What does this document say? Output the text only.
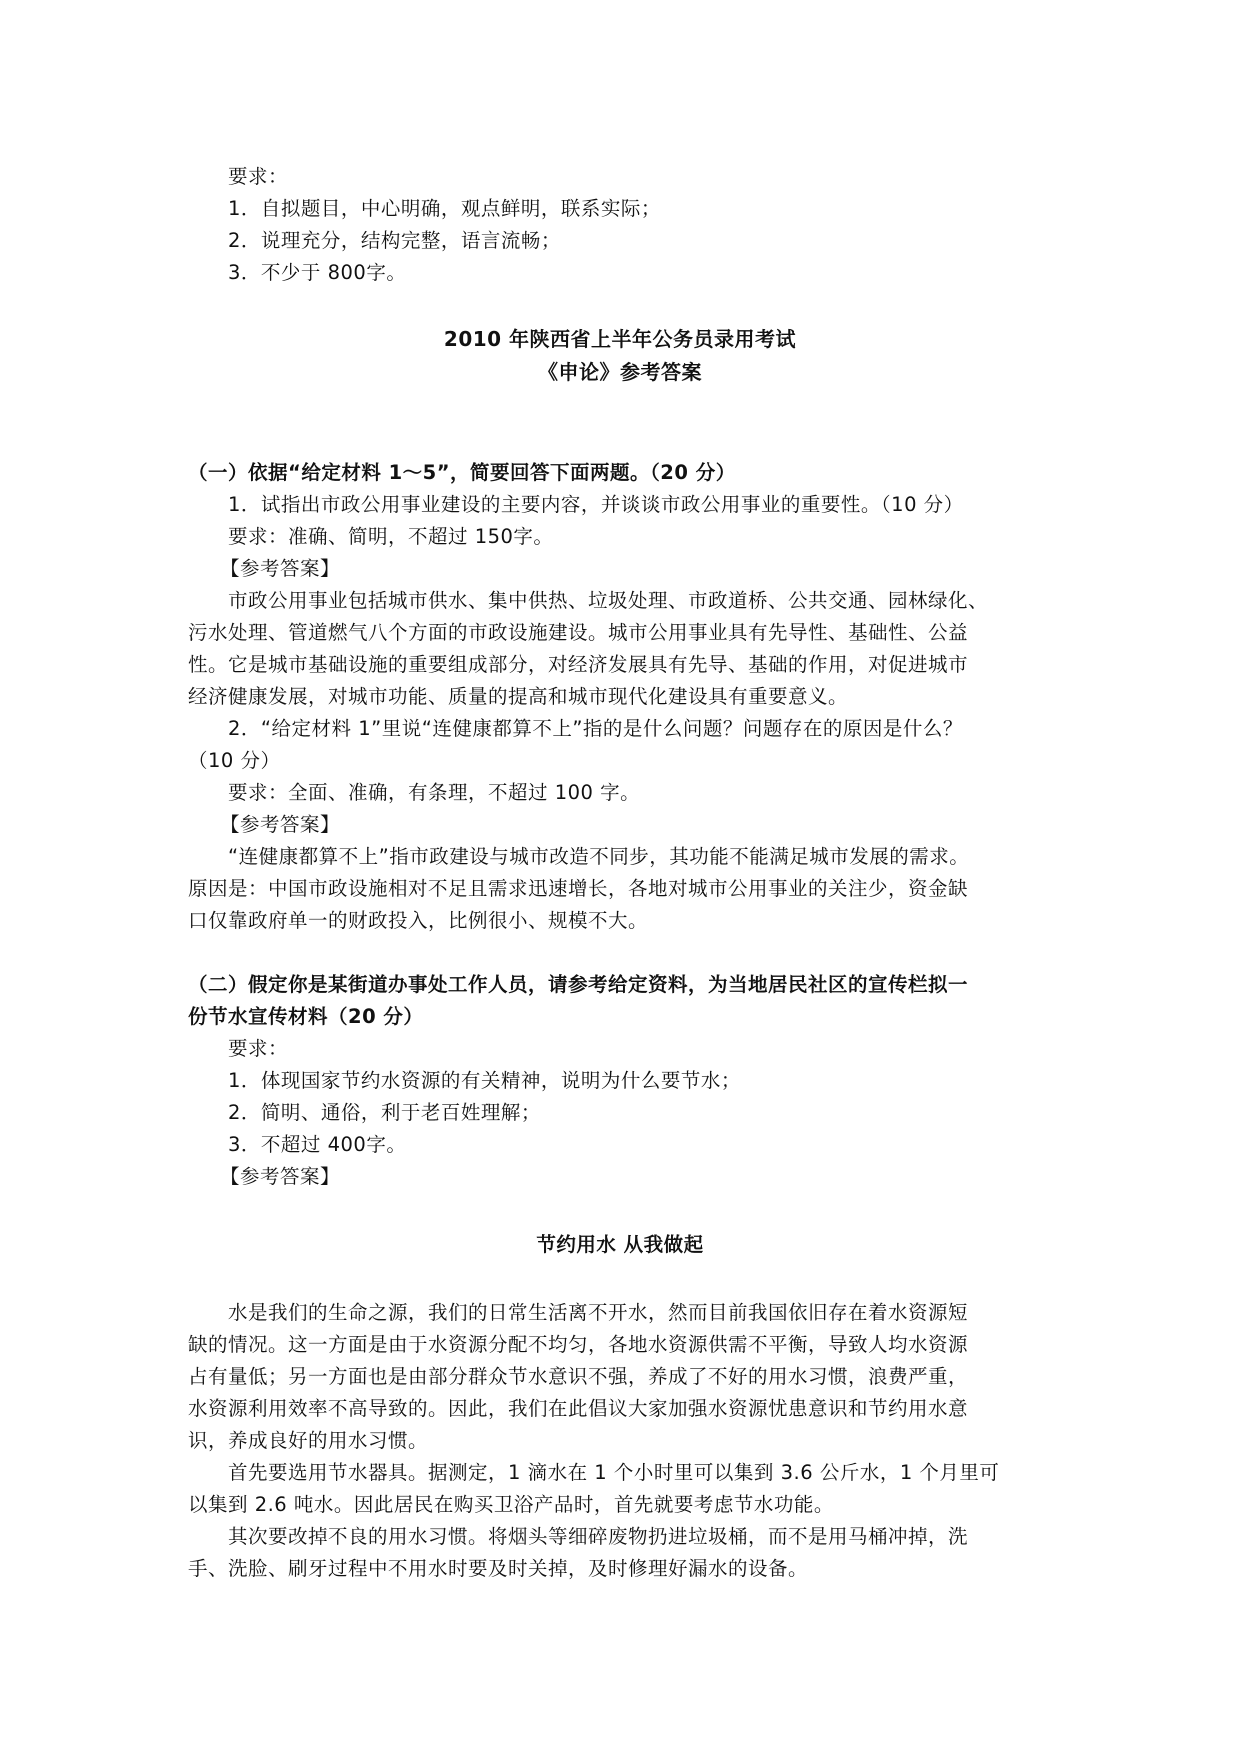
要求：
1．自拟题目，中心明确，观点鲜明，联系实际；
2．说理充分，结构完整，语言流畅；
3．不少于 800字。
2010 年陕西省上半年公务员录用考试
《申论》参考答案
（一）依据“给定材料 1～5”，简要回答下面两题。（20 分）
1．试指出市政公用事业建设的主要内容，并谈谈市政公用事业的重要性。（10 分）
要求：准确、简明，不超过 150字。
【参考答案】
市政公用事业包括城市供水、集中供热、垃圾处理、市政道桥、公共交通、园林绿化、
污水处理、管道燃气八个方面的市政设施建设。城市公用事业具有先导性、基础性、公益
性。它是城市基础设施的重要组成部分，对经济发展具有先导、基础的作用，对促进城市
经济健康发展，对城市功能、质量的提高和城市现代化建设具有重要意义。
2．“给定材料 1”里说“连健康都算不上”指的是什么问题？问题存在的原因是什么？
（10 分）
要求：全面、准确，有条理，不超过 100 字。
【参考答案】
“连健康都算不上”指市政建设与城市改造不同步，其功能不能满足城市发展的需求。
原因是：中国市政设施相对不足且需求迅速增长，各地对城市公用事业的关注少，资金缺
口仅靠政府单一的财政投入，比例很小、规模不大。
（二）假定你是某街道办事处工作人员，请参考给定资料，为当地居民社区的宣传栏拟一
份节水宣传材料（20 分）
要求：
1．体现国家节约水资源的有关精神，说明为什么要节水；
2．简明、通俗，利于老百姓理解；
3．不超过 400字。
【参考答案】
节约用水 从我做起
水是我们的生命之源，我们的日常生活离不开水，然而目前我国依旧存在着水资源短
缺的情况。这一方面是由于水资源分配不均匀，各地水资源供需不平衡，导致人均水资源
占有量低；另一方面也是由部分群众节水意识不强，养成了不好的用水习惯，浪费严重，
水资源利用效率不高导致的。因此，我们在此倡议大家加强水资源忧患意识和节约用水意
识，养成良好的用水习惯。
首先要选用节水器具。据测定，1 滴水在 1 个小时里可以集到 3.6 公斤水，1 个月里可
以集到 2.6 吨水。因此居民在购买卫浴产品时，首先就要考虑节水功能。
其次要改掉不良的用水习惯。将烟头等细碎废物扔进垃圾桶，而不是用马桶冲掉，洗
手、洗脸、刷牙过程中不用水时要及时关掉，及时修理好漏水的设备。
